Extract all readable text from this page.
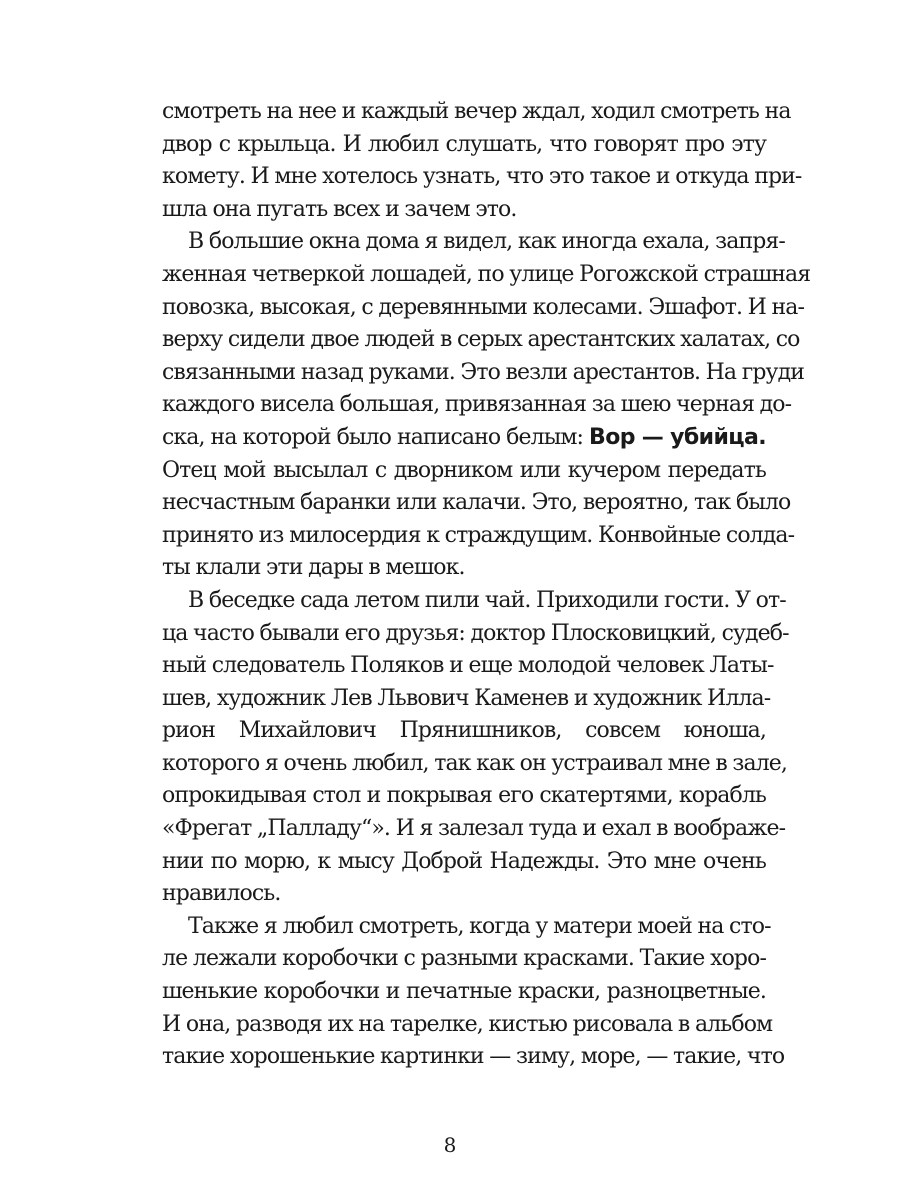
смотреть на нее и каждый вечер ждал, ходил смотреть на
двор с крыльца. И любил слушать, что говорят про эту
комету. И мне хотелось узнать, что это такое и откуда при-
шла она пугать всех и зачем это.

В большие окна дома я видел, как иногда ехала, запря-
женная четверкой лошадей, по улице Рогожской страшная
повозка, высокая, с деревянными колесами. Эшафот. И на-
верху сидели двое людей в серых арестантских халатах, со
связанными назад руками. Это везли арестантов. На груди
каждого висела большая, привязанная за шею черная до-
ска, на которой было написано белым: Вор — убийца.
Отец мой высылал с дворником или кучером передать
несчастным баранки или калачи. Это, вероятно, так было
принято из милосердия к страждущим. Конвойные солда-
ты клали эти дары в мешок.

В беседке сада летом пили чай. Приходили гости. У от-
ца часто бывали его друзья: доктор Плосковицкий, судеб-
ный следователь Поляков и еще молодой человек Латы-
шев, художник Лев Львович Каменев и художник Илла-
рион Михайлович Прянишников, совсем юноша,
которого я очень любил, так как он устраивал мне в зале,
опрокидывая стол и покрывая его скатертями, корабль
«Фрегат „Палладу“». И я залезал туда и ехал в воображе-
нии по морю, к мысу Доброй Надежды. Это мне очень
нравилось.

Также я любил смотреть, когда у матери моей на сто-
ле лежали коробочки с разными красками. Такие хоро-
шенькие коробочки и печатные краски, разноцветные.
И она, разводя их на тарелке, кистью рисовала в альбом
такие хорошенькие картинки — зиму, море, — такие, что

8
